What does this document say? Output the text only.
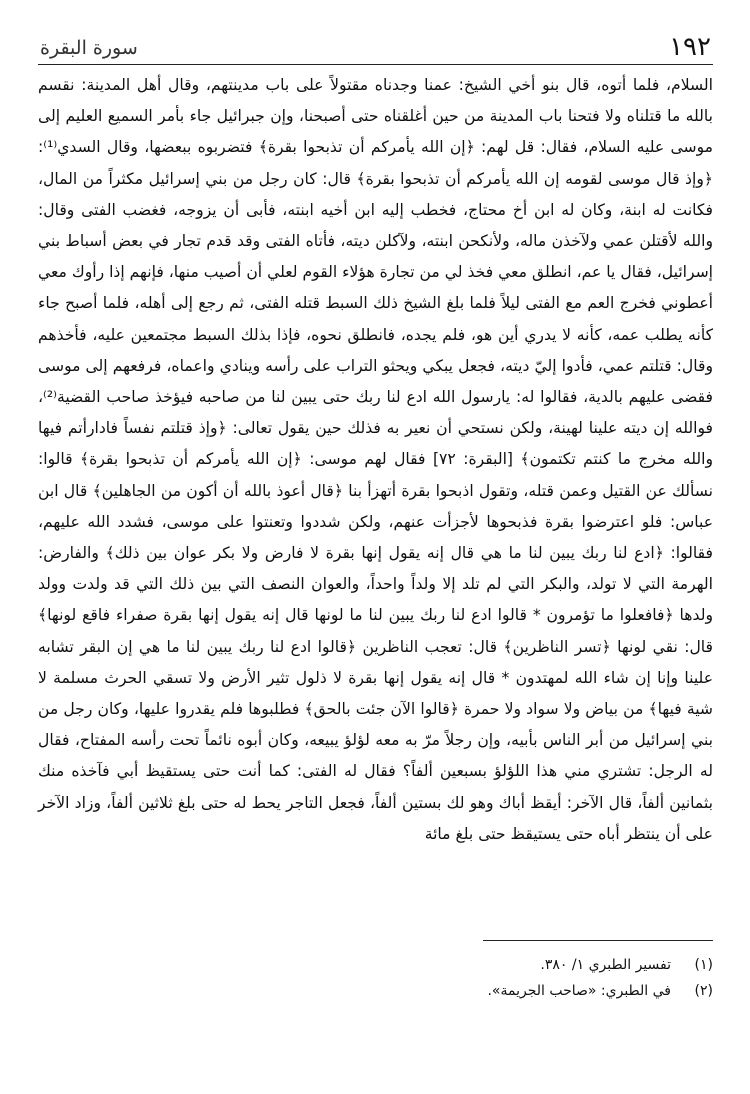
١٩٢
سورة البقرة

السلام، فلما أتوه، قال بنو أخي الشيخ: عمنا وجدناه مقتولاً على باب مدينتهم، وقال أهل المدينة: نقسم بالله ما قتلناه ولا فتحنا باب المدينة من حين أغلقناه حتى أصبحنا، وإن جبرائيل جاء بأمر السميع العليم إلى موسى عليه السلام، فقال: قل لهم: ﴿إن الله يأمركم أن تذبحوا بقرة﴾ فتضربوه ببعضها، وقال السدي⁽¹⁾: ﴿وإذ قال موسى لقومه إن الله يأمركم أن تذبحوا بقرة﴾ قال: كان رجل من بني إسرائيل مكثراً من المال، فكانت له ابنة، وكان له ابن أخ محتاج، فخطب إليه ابن أخيه ابنته، فأبى أن يزوجه، فغضب الفتى وقال: والله لأقتلن عمي ولآخذن ماله، ولأنكحن ابنته، ولآكلن ديته، فأتاه الفتى وقد قدم تجار في بعض أسباط بني إسرائيل، فقال يا عم، انطلق معي فخذ لي من تجارة هؤلاء القوم لعلي أن أصيب منها، فإنهم إذا رأوك معي أعطوني فخرج العم مع الفتى ليلاً فلما بلغ الشيخ ذلك السبط قتله الفتى، ثم رجع إلى أهله، فلما أصبح جاء كأنه يطلب عمه، كأنه لا يدري أين هو، فلم يجده، فانطلق نحوه، فإذا بذلك السبط مجتمعين عليه، فأخذهم وقال: قتلتم عمي، فأدوا إليّ ديته، فجعل يبكي ويحثو التراب على رأسه وينادي واعماه، فرفعهم إلى موسى فقضى عليهم بالدية، فقالوا له: يارسول الله ادع لنا ربك حتى يبين لنا من صاحبه فيؤخذ صاحب القضية⁽²⁾، فوالله إن ديته علينا لهينة، ولكن نستحي أن نعير به فذلك حين يقول تعالى: ﴿وإذ قتلتم نفساً فادارأتم فيها والله مخرج ما كنتم تكتمون﴾ [البقرة: ٧٢] فقال لهم موسى: ﴿إن الله يأمركم أن تذبحوا بقرة﴾ قالوا: نسألك عن القتيل وعمن قتله، وتقول اذبحوا بقرة أتهزأ بنا ﴿قال أعوذ بالله أن أكون من الجاهلين﴾ قال ابن عباس: فلو اعترضوا بقرة فذبحوها لأجزأت عنهم، ولكن شددوا وتعنتوا على موسى، فشدد الله عليهم، فقالوا: ﴿ادع لنا ربك يبين لنا ما هي قال إنه يقول إنها بقرة لا فارض ولا بكر عوان بين ذلك﴾ والفارض: الهرمة التي لا تولد، والبكر التي لم تلد إلا ولداً واحداً، والعوان النصف التي بين ذلك التي قد ولدت وولد ولدها ﴿فافعلوا ما تؤمرون * قالوا ادع لنا ربك يبين لنا ما لونها قال إنه يقول إنها بقرة صفراء فاقع لونها﴾ قال: نقي لونها ﴿تسر الناظرين﴾ قال: تعجب الناظرين ﴿قالوا ادع لنا ربك يبين لنا ما هي إن البقر تشابه علينا وإنا إن شاء الله لمهتدون * قال إنه يقول إنها بقرة لا ذلول تثير الأرض ولا تسقي الحرث مسلمة لا شية فيها﴾ من بياض ولا سواد ولا حمرة ﴿قالوا الآن جئت بالحق﴾ فطلبوها فلم يقدروا عليها، وكان رجل من بني إسرائيل من أبر الناس بأبيه، وإن رجلاً مرّ به معه لؤلؤ يبيعه، وكان أبوه نائماً تحت رأسه المفتاح، فقال له الرجل: تشتري مني هذا اللؤلؤ بسبعين ألفاً؟ فقال له الفتى: كما أنت حتى يستقيظ أبي فآخذه منك بثمانين ألفاً، قال الآخر: أيقظ أباك وهو لك بستين ألفاً، فجعل التاجر يحط له حتى بلغ ثلاثين ألفاً، وزاد الآخر على أن ينتظر أباه حتى يستيقظ حتى بلغ مائة

(١)
تفسير الطبري ١/ ٣٨٠.
(٢)
في الطبري: «صاحب الجريمة».
